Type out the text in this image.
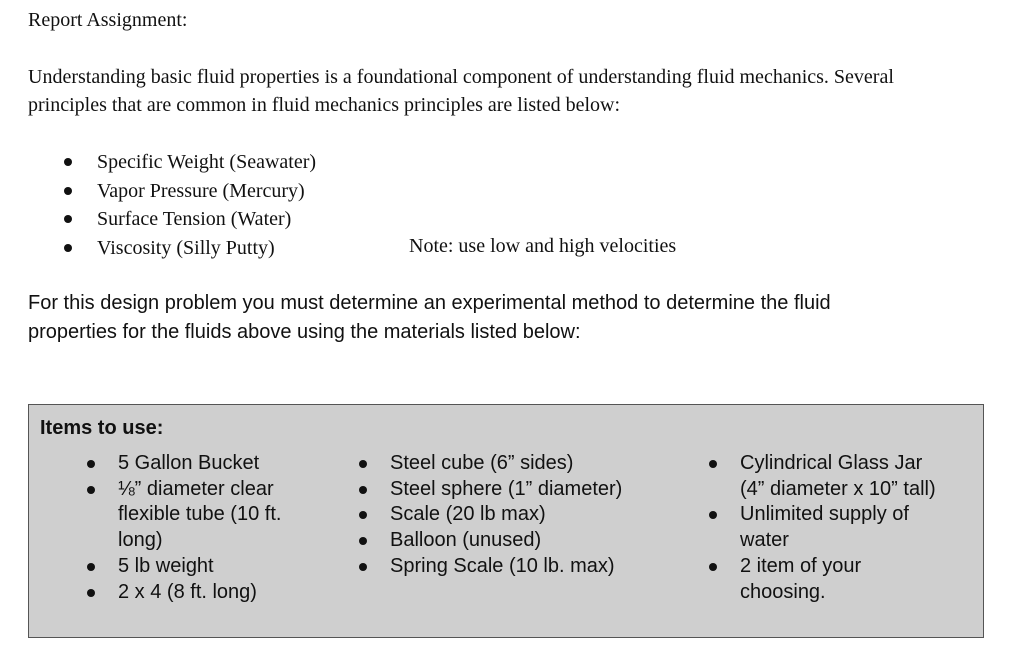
Report Assignment:
Understanding basic fluid properties is a foundational component of understanding fluid mechanics. Several
principles that are common in fluid mechanics principles are listed below:
Specific Weight (Seawater)
Vapor Pressure (Mercury)
Surface Tension (Water)
Viscosity (Silly Putty)	Note: use low and high velocities
For this design problem you must determine an experimental method to determine the fluid
properties for the fluids above using the materials listed below:
Items to use:
5 Gallon Bucket
⅛” diameter clear
flexible tube (10 ft.
long)
5 lb weight
2 x 4 (8 ft. long)
Steel cube (6” sides)
Steel sphere (1” diameter)
Scale (20 lb max)
Balloon (unused)
Spring Scale (10 lb. max)
Cylindrical Glass Jar
(4” diameter x 10” tall)
Unlimited supply of
water
2 item of your
choosing.
